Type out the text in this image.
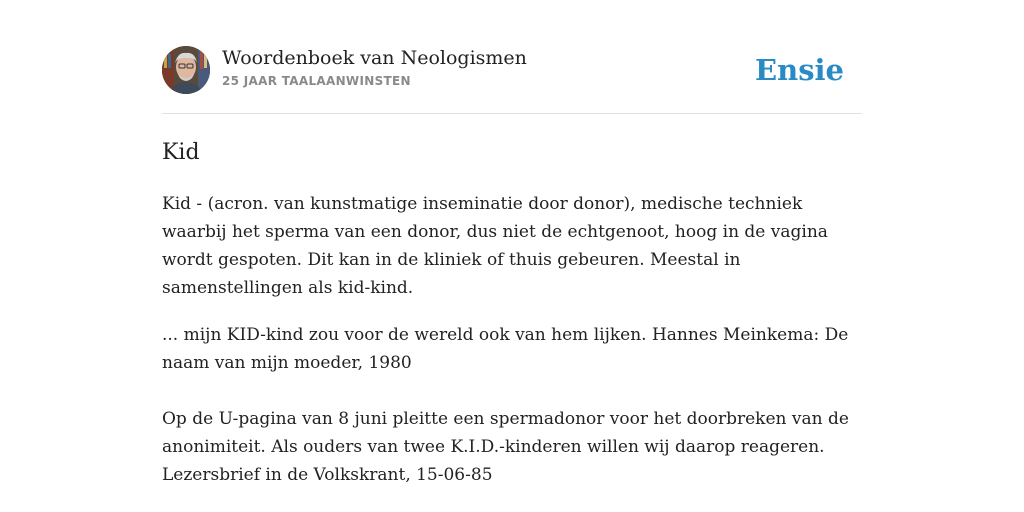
Woordenboek van Neologismen
25 JAAR TAALAANWINSTEN	Ensie
Kid

Kid - (acron. van kunstmatige inseminatie door donor), medische techniek waarbij het sperma van een donor, dus niet de echtgenoot, hoog in de vagina wordt gespoten. Dit kan in de kliniek of thuis gebeuren. Meestal in samenstellingen als kid-kind.

... mijn KID-kind zou voor de wereld ook van hem lijken. Hannes Meinkema: De naam van mijn moeder, 1980

Op de U-pagina van 8 juni pleitte een spermadonor voor het doorbreken van de anonimiteit. Als ouders van twee K.I.D.-kinderen willen wij daarop reageren. Lezersbrief in de Volkskrant, 15-06-85
